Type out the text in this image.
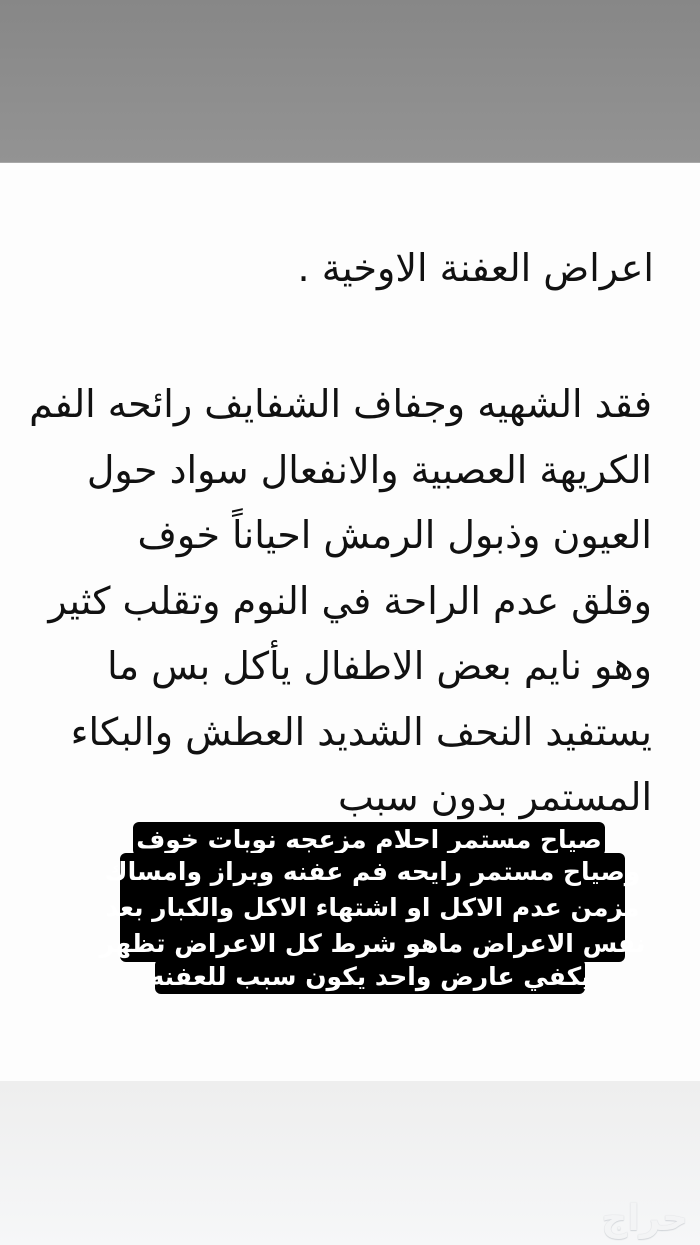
اعراض العفنة الاوخية .
فقد الشهيه وجفاف الشفايف رائحه الفم
الكريهة العصبية والانفعال سواد حول
العيون وذبول الرمش احياناً خوف
وقلق عدم الراحة في النوم وتقلب كثير
وهو نايم بعض الاطفال يأكل بس ما
يستفيد النحف الشديد العطش والبكاء
المستمر بدون سبب
صياح مستمر احلام مزعجه نوبات خوف
وصياح مستمر رايحه فم عفنه وبراز وامساك
مزمن عدم الاكل او اشتهاء الاكل والكبار بعد
نفس الاعراض ماهو شرط كل الاعراض تظهر
يكفي عارض واحد يكون سبب للعفنه
حراج
